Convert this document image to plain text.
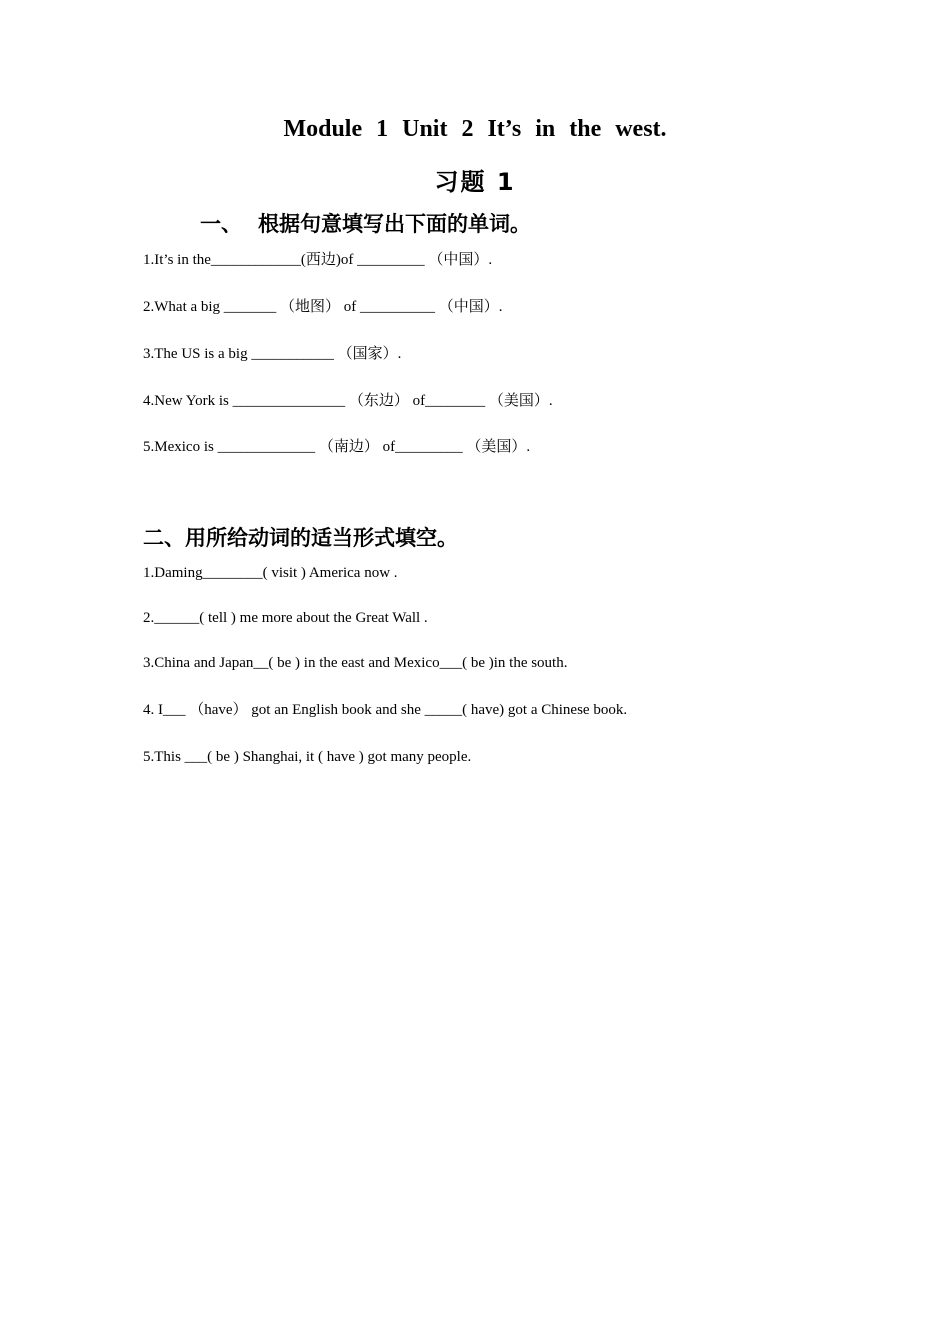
Module 1 Unit 2 It’s in the west.
习题 1
一、 根据句意填写出下面的单词。
1.It’s in the____________(西边)of _________ （中国）.
2.What a big _______ （地图） of __________ （中国）.
3.The US is a big ___________ （国家）.
4.New York is _______________ （东边） of________ （美国）.
5.Mexico is _____________ （南边） of_________ （美国）.
二、用所给动词的适当形式填空。
1.Daming________( visit ) America now .
2.______( tell ) me more about the Great Wall .
3.China and Japan__( be ) in the east and Mexico___( be )in the south.
4. I___ （have） got an English book and she _____( have) got a Chinese book.
5.This ___( be ) Shanghai, it ( have ) got many people.
